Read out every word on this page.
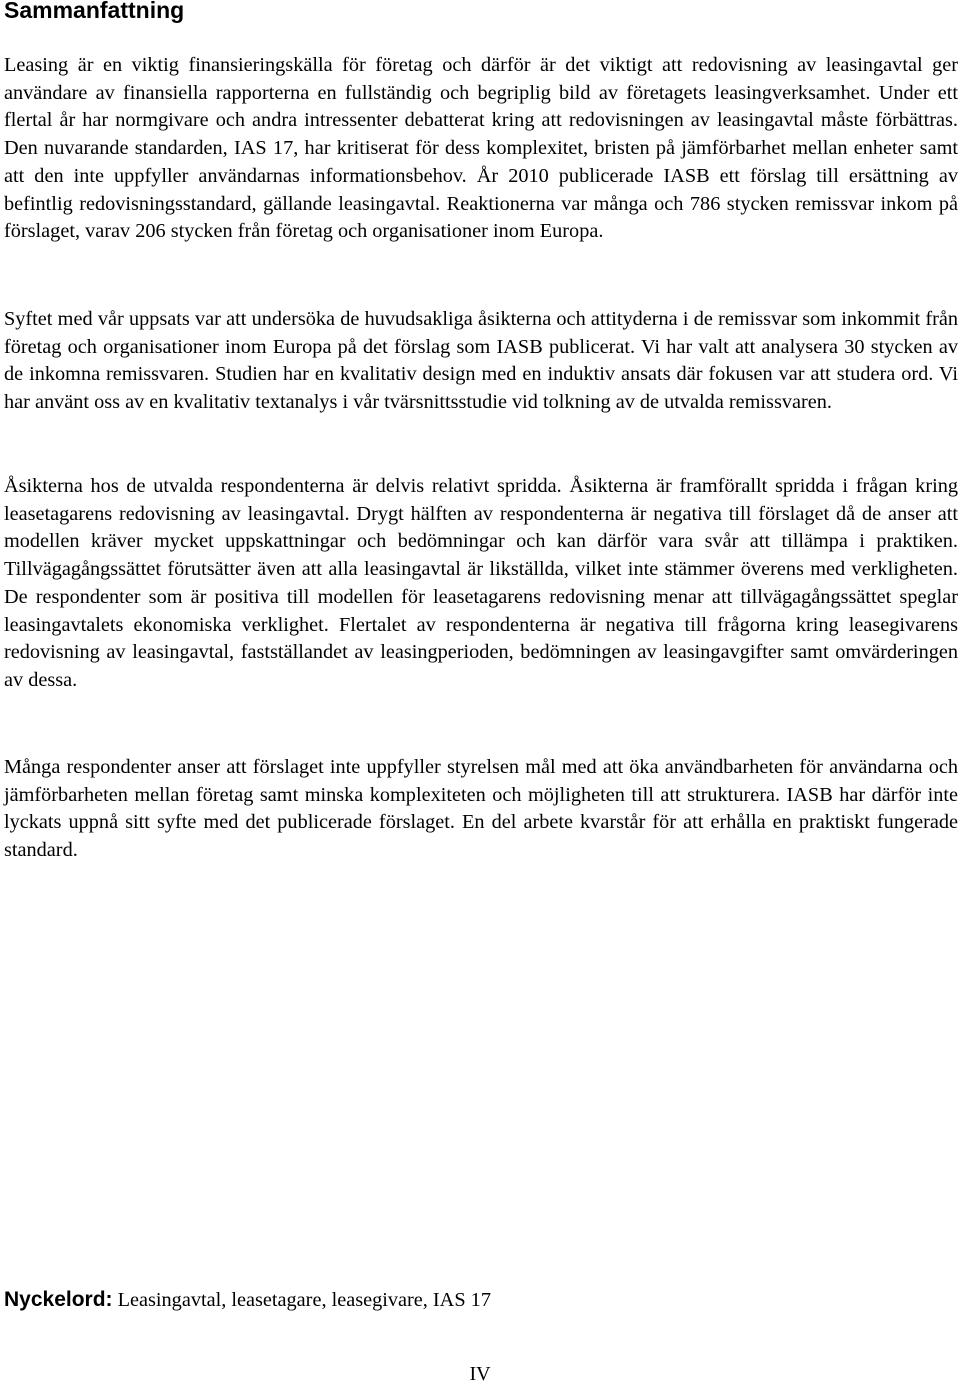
Sammanfattning

Leasing är en viktig finansieringskälla för företag och därför är det viktigt att redovisning av leasingavtal ger användare av finansiella rapporterna en fullständig och begriplig bild av företagets leasingverksamhet. Under ett flertal år har normgivare och andra intressenter debatterat kring att redovisningen av leasingavtal måste förbättras. Den nuvarande standarden, IAS 17, har kritiserat för dess komplexitet, bristen på jämförbarhet mellan enheter samt att den inte uppfyller användarnas informationsbehov. År 2010 publicerade IASB ett förslag till ersättning av befintlig redovisningsstandard, gällande leasingavtal. Reaktionerna var många och 786 stycken remissvar inkom på förslaget, varav 206 stycken från företag och organisationer inom Europa.

Syftet med vår uppsats var att undersöka de huvudsakliga åsikterna och attityderna i de remissvar som inkommit från företag och organisationer inom Europa på det förslag som IASB publicerat. Vi har valt att analysera 30 stycken av de inkomna remissvaren. Studien har en kvalitativ design med en induktiv ansats där fokusen var att studera ord. Vi har använt oss av en kvalitativ textanalys i vår tvärsnittsstudie vid tolkning av de utvalda remissvaren.

Åsikterna hos de utvalda respondenterna är delvis relativt spridda. Åsikterna är framförallt spridda i frågan kring leasetagarens redovisning av leasingavtal. Drygt hälften av respondenterna är negativa till förslaget då de anser att modellen kräver mycket uppskattningar och bedömningar och kan därför vara svår att tillämpa i praktiken. Tillvägagångssättet förutsätter även att alla leasingavtal är likställda, vilket inte stämmer överens med verkligheten. De respondenter som är positiva till modellen för leasetagarens redovisning menar att tillvägagångssättet speglar leasingavtalets ekonomiska verklighet. Flertalet av respondenterna är negativa till frågorna kring leasegivarens redovisning av leasingavtal, fastställandet av leasingperioden, bedömningen av leasingavgifter samt omvärderingen av dessa.

Många respondenter anser att förslaget inte uppfyller styrelsen mål med att öka användbarheten för användarna och jämförbarheten mellan företag samt minska komplexiteten och möjligheten till att strukturera. IASB har därför inte lyckats uppnå sitt syfte med det publicerade förslaget. En del arbete kvarstår för att erhålla en praktiskt fungerade standard.

Nyckelord: Leasingavtal, leasetagare, leasegivare, IAS 17

IV
